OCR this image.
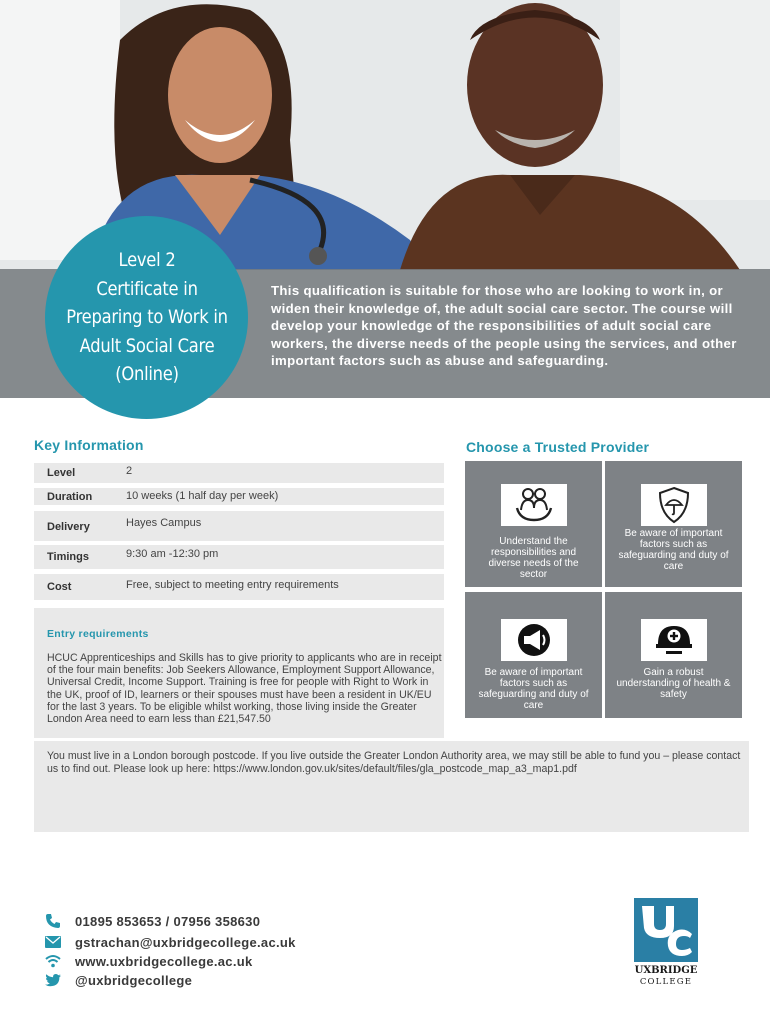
This qualification is suitable for those who are looking to work in, or widen their knowledge of, the adult social care sector. The course will develop your knowledge of the responsibilities of adult social care workers, the diverse needs of the people using the services, and other important factors such as abuse and safeguarding.
Level 2
Certificate in
Preparing to Work in
Adult Social Care
(Online)
Key Information
Level	2
Duration	10 weeks (1 half day per week)
Delivery	Hayes Campus
Timings	9:30 am -12:30 pm
Cost	Free, subject to meeting entry requirements
Entry requirements
HCUC Apprenticeships and Skills has to give priority to applicants who are in receipt of the four main benefits: Job Seekers Allowance, Employment Support Allowance, Universal Credit, Income Support. Training is free for people with Right to Work in the UK, proof of ID, learners or their spouses must have been a resident in UK/EU for the last 3 years. To be eligible whilst working, those living inside the Greater London Area need to earn less than £21,547.50
You must live in a London borough postcode. If you live outside the Greater London Authority area, we may still be able to fund you – please contact us to find out. Please look up here: https://www.london.gov.uk/sites/default/files/gla_postcode_map_a3_map1.pdf
Choose a Trusted Provider
Understand the responsibilities and diverse needs of the sector
Be aware of important factors such as safeguarding and duty of care
Be aware of important factors such as safeguarding and duty of care
Gain a robust understanding of health & safety
01895 853653 / 07956 358630
gstrachan@uxbridgecollege.ac.uk
www.uxbridgecollege.ac.uk
@uxbridgecollege
UXBRIDGE
COLLEGE
